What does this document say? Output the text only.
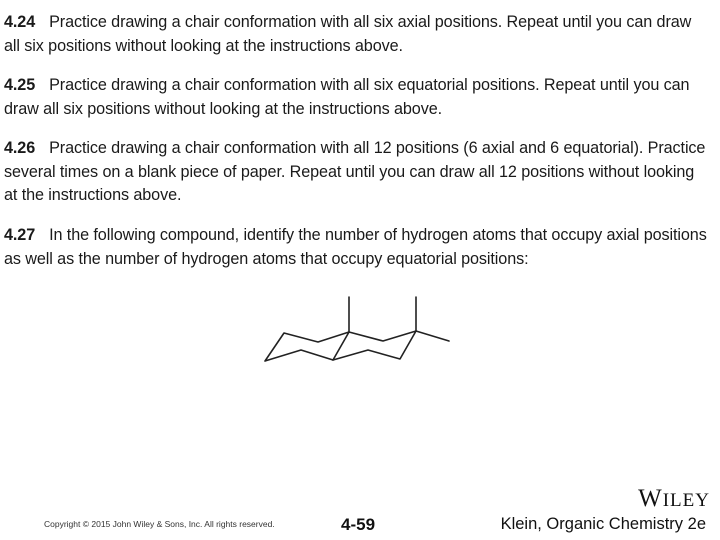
4.24 Practice drawing a chair conformation with all six axial positions. Repeat until you can draw all six positions without looking at the instructions above.

4.25 Practice drawing a chair conformation with all six equatorial positions. Repeat until you can draw all six positions without looking at the instructions above.

4.26 Practice drawing a chair conformation with all 12 positions (6 axial and 6 equatorial). Practice several times on a blank piece of paper. Repeat until you can draw all 12 positions without looking at the instructions above.

4.27 In the following compound, identify the number of hydrogen atoms that occupy axial positions as well as the number of hydrogen atoms that occupy equatorial positions:

WILEY
Copyright © 2015 John Wiley & Sons, Inc. All rights reserved.	4-59	Klein, Organic Chemistry 2e
